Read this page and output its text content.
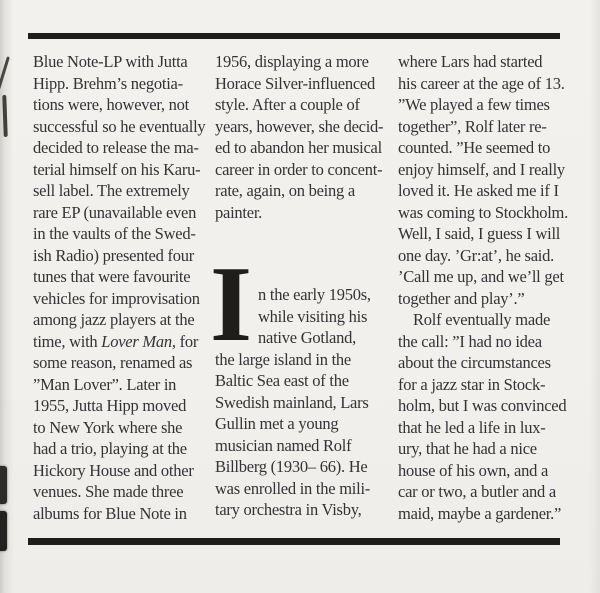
Blue Note-LP with Jutta
Hipp. Brehm’s negotia-
tions were, however, not
successful so he eventually
decided to release the ma-
terial himself on his Karu-
sell label. The extremely
rare EP (unavailable even
in the vaults of the Swed-
ish Radio) presented four
tunes that were favourite
vehicles for improvisation
among jazz players at the
time, with Lover Man, for
some reason, renamed as
”Man Lover”. Later in
1955, Jutta Hipp moved
to New York where she
had a trio, playing at the
Hickory House and other
venues. She made three
albums for Blue Note in
1956, displaying a more
Horace Silver-influenced
style. After a couple of
years, however, she decid-
ed to abandon her musical
career in order to concent-
rate, again, on being a
painter.
I n the early 1950s,
while visiting his
native Gotland,
the large island in the
Baltic Sea east of the
Swedish mainland, Lars
Gullin met a young
musician named Rolf
Billberg (1930– 66). He
was enrolled in the mili-
tary orchestra in Visby,
where Lars had started
his career at the age of 13.
”We played a few times
together”, Rolf later re-
counted. ”He seemed to
enjoy himself, and I really
loved it. He asked me if I
was coming to Stockholm.
Well, I said, I guess I will
one day. ’Gr:at’, he said.
’Call me up, and we’ll get
together and play’.”
Rolf eventually made
the call: ”I had no idea
about the circumstances
for a jazz star in Stock-
holm, but I was convinced
that he led a life in lux-
ury, that he had a nice
house of his own, and a
car or two, a butler and a
maid, maybe a gardener.”
